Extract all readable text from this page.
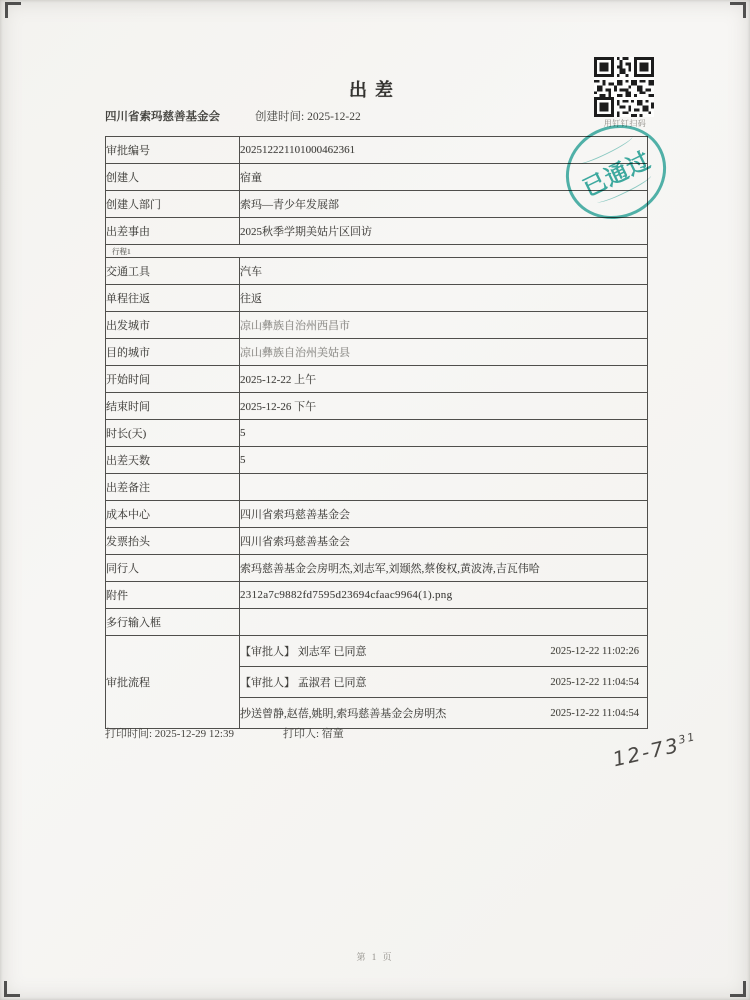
出差
四川省索玛慈善基金会	创建时间: 2025-12-22
用钉钉扫码
审批编号	202512221101000462361
创建人	宿童
创建人部门	索玛—青少年发展部
出差事由	2025秋季学期美姑片区回访
行程1	
交通工具	汽车
单程往返	往返
出发城市	凉山彝族自治州西昌市
目的城市	凉山彝族自治州美姑县
开始时间	2025-12-22 上午
结束时间	2025-12-26 下午
时长(天)	5
出差天数	5
出差备注	
成本中心	四川省索玛慈善基金会
发票抬头	四川省索玛慈善基金会
同行人	索玛慈善基金会房明杰,刘志军,刘颋然,蔡俊权,黄波涛,吉瓦伟哈
附件	2312a7c9882fd7595d23694cfaac9964(1).png
多行输入框	
审批流程	【审批人】 刘志军 已同意 2025-12-22 11:02:26

	【审批人】 孟淑君 已同意 2025-12-22 11:04:54

	抄送曾静,赵蓓,姚眀,索玛慈善基金会房明杰 2025-12-22 11:04:54
已通过
打印时间: 2025-12-29 12:39	打印人: 宿童	$12-73^{31}$
第 1 页
